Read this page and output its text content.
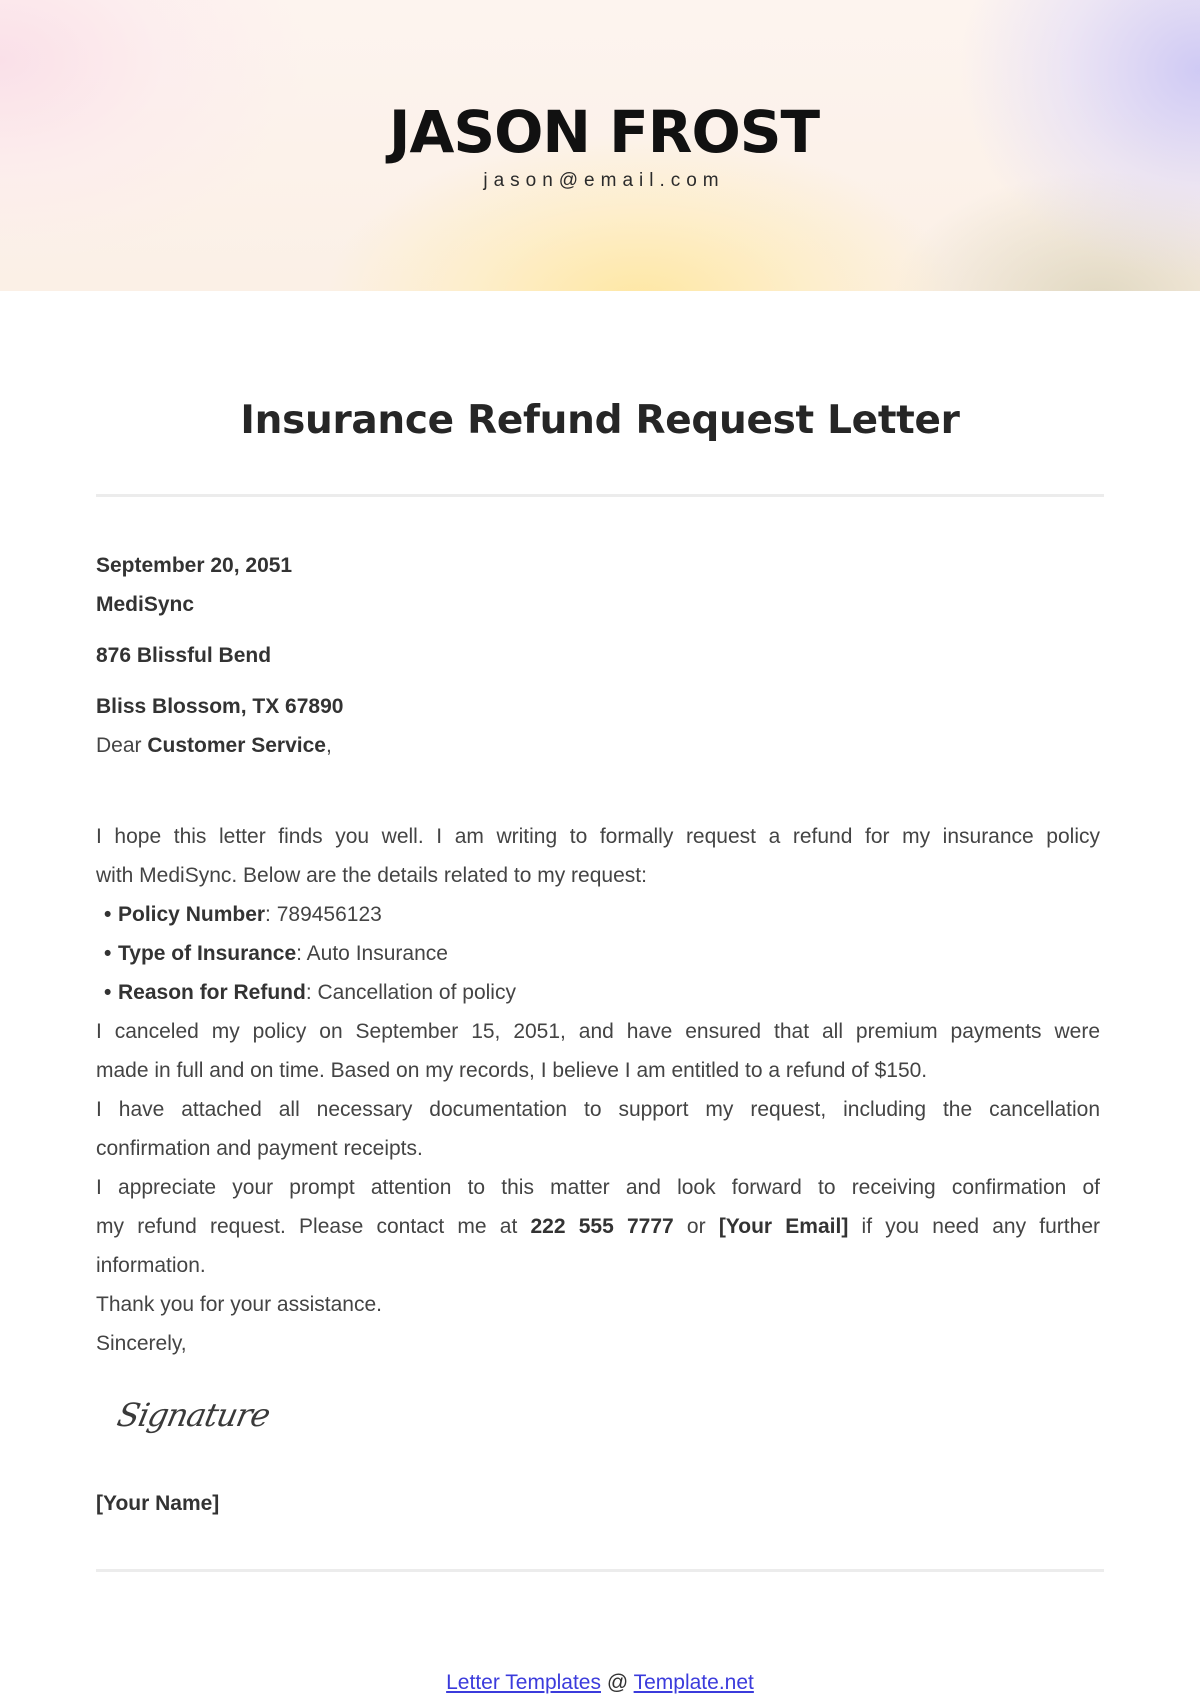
JASON FROST
jason@email.com
Insurance Refund Request Letter
September 20, 2051
MediSync
876 Blissful Bend
Bliss Blossom, TX 67890
Dear Customer Service,
I hope this letter finds you well. I am writing to formally request a refund for my insurance policy
with MediSync. Below are the details related to my request:
• Policy Number: 789456123
• Type of Insurance: Auto Insurance
• Reason for Refund: Cancellation of policy
I canceled my policy on September 15, 2051, and have ensured that all premium payments were
made in full and on time. Based on my records, I believe I am entitled to a refund of $150.
I have attached all necessary documentation to support my request, including the cancellation
confirmation and payment receipts.
I appreciate your prompt attention to this matter and look forward to receiving confirmation of
my refund request. Please contact me at 222 555 7777 or [Your Email] if you need any further
information.
Thank you for your assistance.
Sincerely,
Signature
[Your Name]
Letter Templates @ Template.net
